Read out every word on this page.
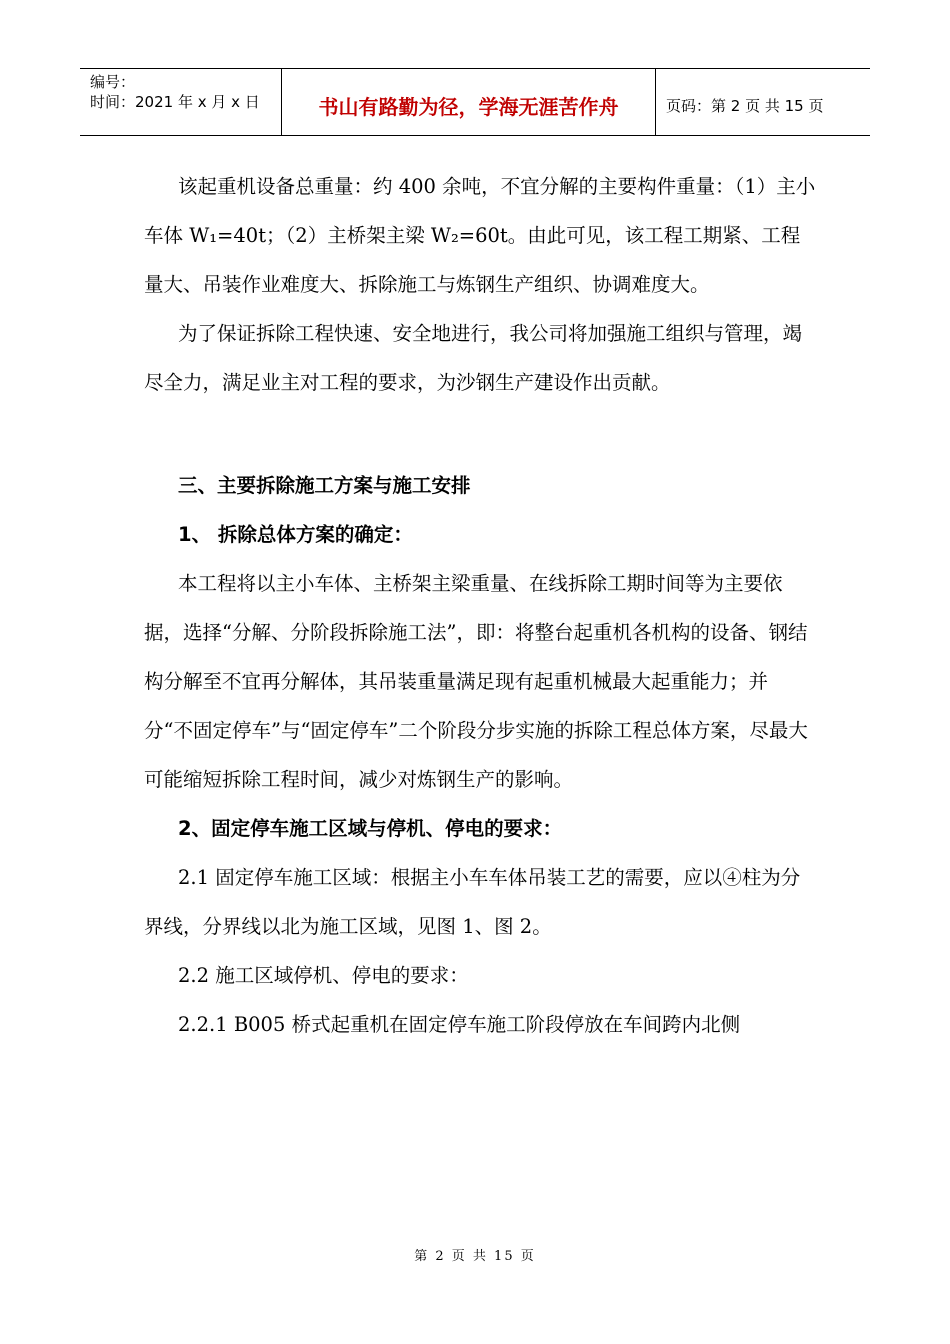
编号：
时间：2021 年 x 月 x 日	书山有路勤为径，学海无涯苦作舟	页码：第 2 页 共 15 页

该起重机设备总重量：约 400 余吨，不宜分解的主要构件重量：（1）主小车体 W₁=40t；（2）主桥架主梁 W₂=60t。由此可见，该工程工期紧、工程量大、吊装作业难度大、拆除施工与炼钢生产组织、协调难度大。

为了保证拆除工程快速、安全地进行，我公司将加强施工组织与管理，竭尽全力，满足业主对工程的要求，为沙钢生产建设作出贡献。

三、主要拆除施工方案与施工安排

1、 拆除总体方案的确定：

本工程将以主小车体、主桥架主梁重量、在线拆除工期时间等为主要依据，选择“分解、分阶段拆除施工法”，即：将整台起重机各机构的设备、钢结构分解至不宜再分解体，其吊装重量满足现有起重机械最大起重能力；并分“不固定停车”与“固定停车”二个阶段分步实施的拆除工程总体方案，尽最大可能缩短拆除工程时间，减少对炼钢生产的影响。

2、固定停车施工区域与停机、停电的要求：

2.1 固定停车施工区域：根据主小车车体吊装工艺的需要，应以④柱为分界线，分界线以北为施工区域，见图 1、图 2。

2.2 施工区域停机、停电的要求：

2.2.1 B005 桥式起重机在固定停车施工阶段停放在车间跨内北侧

第 2 页 共 15 页
